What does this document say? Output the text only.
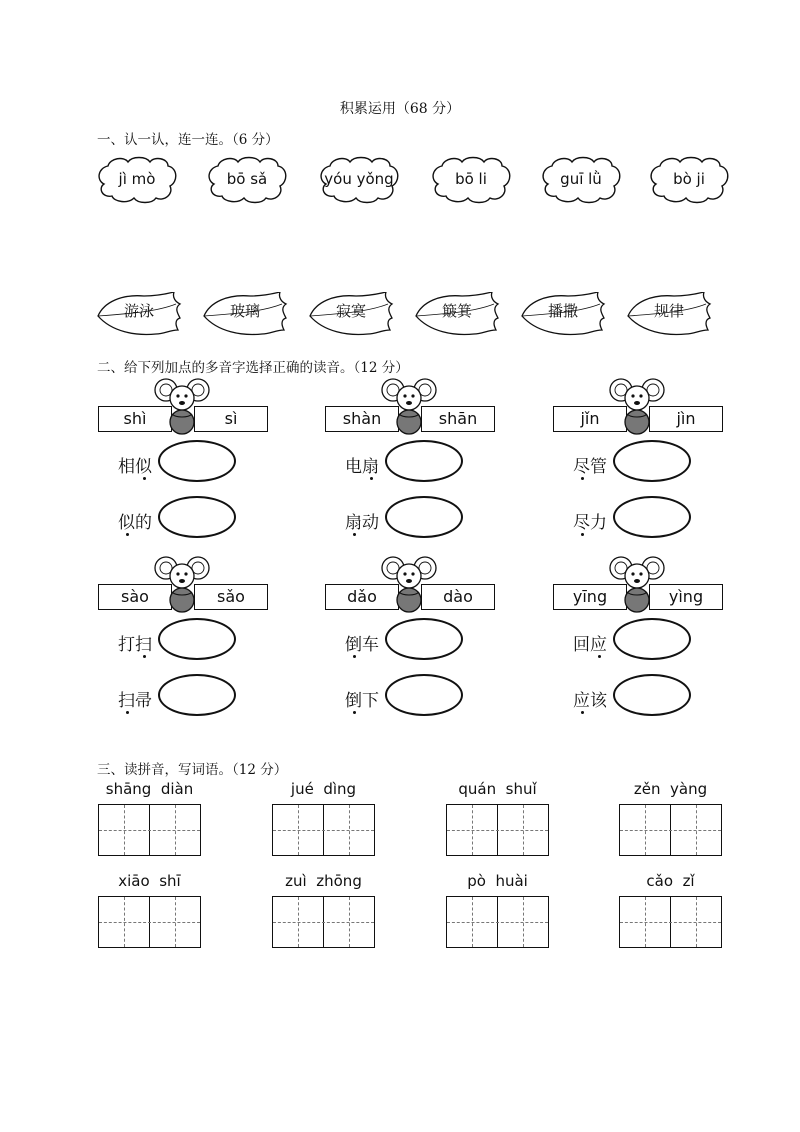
积累运用（68 分）
一、认一认，连一连。（6 分）
jì mò	bō sǎ	yóu yǒng	bō li	guī lǜ	bò ji
游泳	玻璃	寂寞	簸箕	播撒	规律
二、给下列加点的多音字选择正确的读音。（12 分）
shì	sì
相似
似的
shàn	shān
电扇
扇动
jǐn	jìn
尽管
尽力
sào	sǎo
打扫
扫帚
dǎo	dào
倒车
倒下
yīng	yìng
回应
应该
三、读拼音，写词语。（12 分）
shāng diàn	jué dìng	quán shuǐ	zěn yàng
xiāo shī	zuì zhōng	pò huài	cǎo zǐ
